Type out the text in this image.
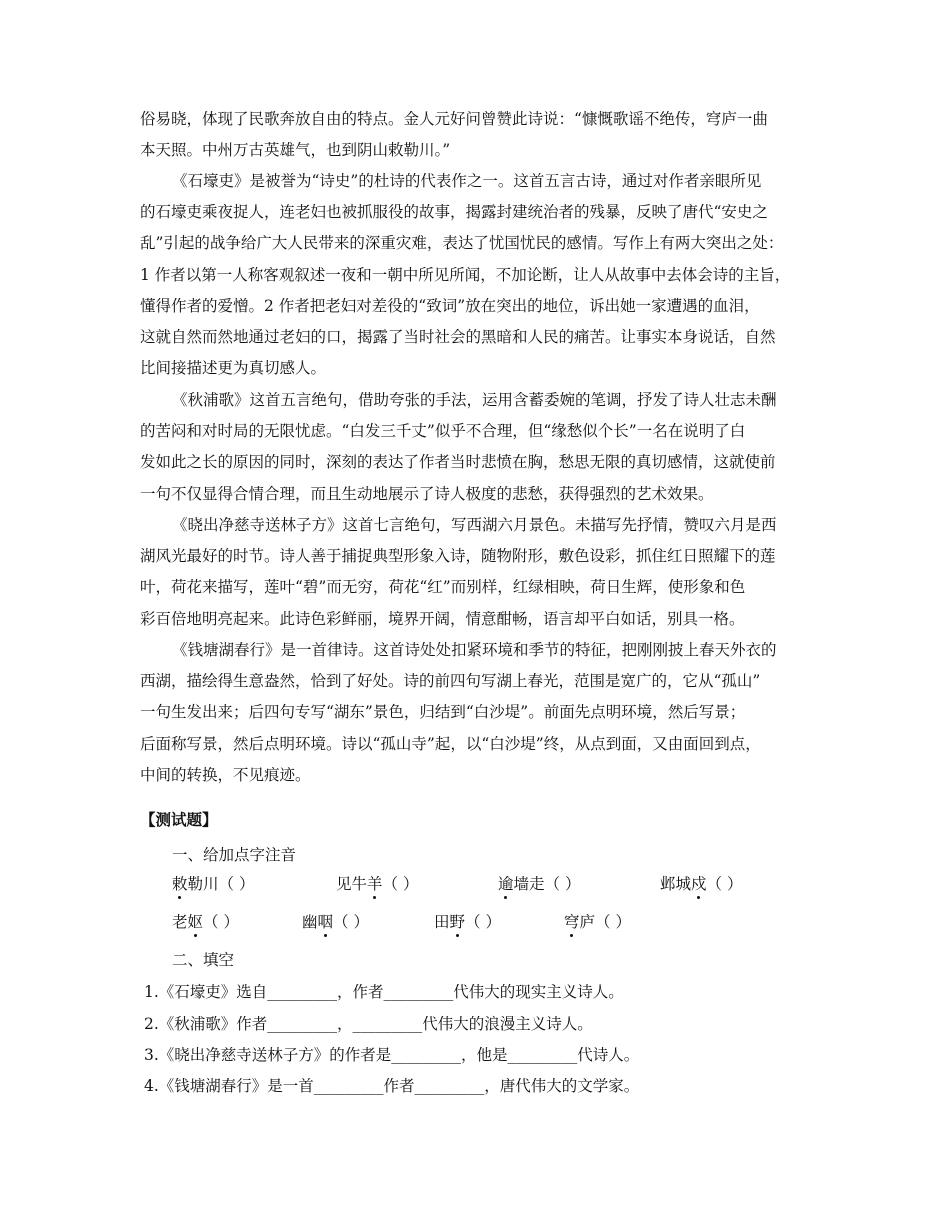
俗易晓，体现了民歌奔放自由的特点。金人元好问曾赞此诗说：“慷慨歌谣不绝传，穹庐一曲
本天照。中州万古英雄气，也到阴山敕勒川。”
《石壕吏》是被誉为“诗史”的杜诗的代表作之一。这首五言古诗，通过对作者亲眼所见
的石壕吏乘夜捉人，连老妇也被抓服役的故事，揭露封建统治者的残暴，反映了唐代“安史之
乱”引起的战争给广大人民带来的深重灾难，表达了忧国忧民的感情。写作上有两大突出之处：
1 作者以第一人称客观叙述一夜和一朝中所见所闻，不加论断，让人从故事中去体会诗的主旨，
懂得作者的爱憎。2 作者把老妇对差役的“致词”放在突出的地位，诉出她一家遭遇的血泪，
这就自然而然地通过老妇的口，揭露了当时社会的黑暗和人民的痛苦。让事实本身说话，自然
比间接描述更为真切感人。
《秋浦歌》这首五言绝句，借助夸张的手法，运用含蓄委婉的笔调，抒发了诗人壮志未酬
的苦闷和对时局的无限忧虑。“白发三千丈”似乎不合理，但“缘愁似个长”一名在说明了白
发如此之长的原因的同时，深刻的表达了作者当时悲愤在胸，愁思无限的真切感情，这就使前
一句不仅显得合情合理，而且生动地展示了诗人极度的悲愁，获得强烈的艺术效果。
《晓出净慈寺送林子方》这首七言绝句，写西湖六月景色。未描写先抒情，赞叹六月是西
湖风光最好的时节。诗人善于捕捉典型形象入诗，随物附形，敷色设彩，抓住红日照耀下的莲
叶，荷花来描写，莲叶“碧”而无穷，荷花“红”而别样，红绿相映，荷日生辉，使形象和色
彩百倍地明亮起来。此诗色彩鲜丽，境界开阔，情意酣畅，语言却平白如话，别具一格。
《钱塘湖春行》是一首律诗。这首诗处处扣紧环境和季节的特征，把刚刚披上春天外衣的
西湖，描绘得生意盎然，恰到了好处。诗的前四句写湖上春光，范围是宽广的，它从“孤山”
一句生发出来；后四句专写“湖东”景色，归结到“白沙堤”。前面先点明环境，然后写景；
后面称写景，然后点明环境。诗以“孤山寺”起，以“白沙堤”终，从点到面，又由面回到点，
中间的转换，不见痕迹。
【测试题】
一、给加点字注音
敕勒川（ ）	见牛羊（ ）	逾墙走（ ）	邺城戍（ ）
老妪（ ）	幽咽（ ）	田野（ ）	穹庐（ ）
二、填空
1.《石壕吏》选自_________，作者_________代伟大的现实主义诗人。
2.《秋浦歌》作者_________，_________代伟大的浪漫主义诗人。
3.《晓出净慈寺送林子方》的作者是_________，他是_________代诗人。
4.《钱塘湖春行》是一首_________作者_________，唐代伟大的文学家。
